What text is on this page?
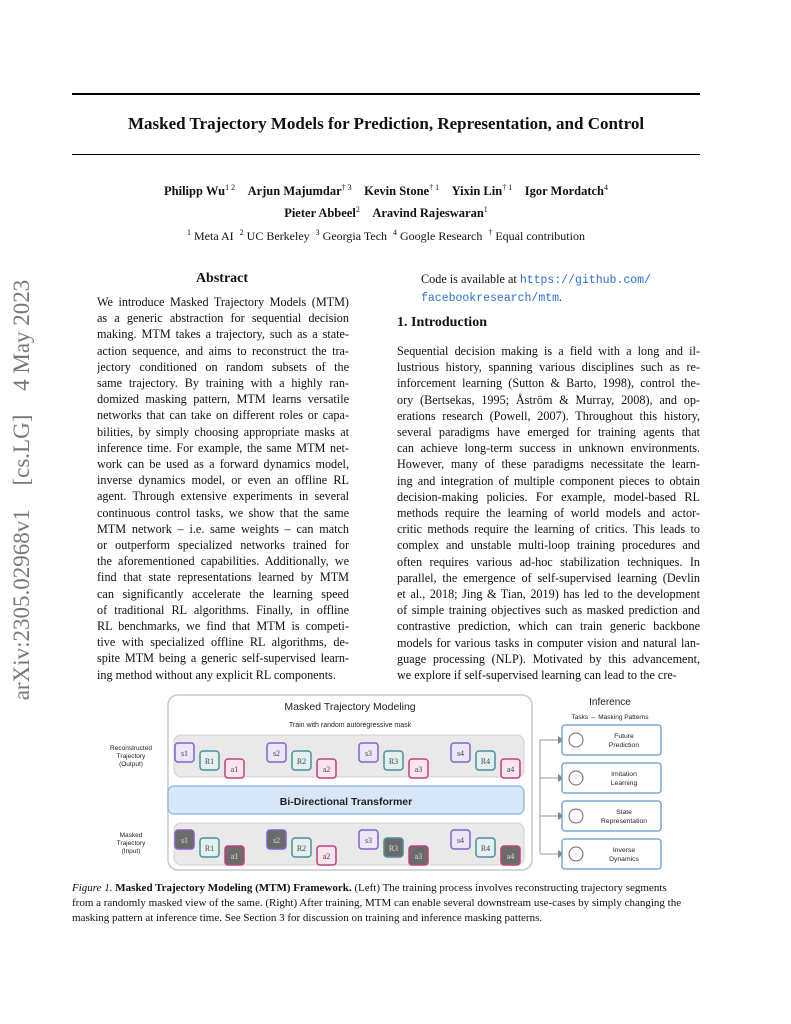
arXiv:2305.02968v1 [cs.LG] 4 May 2023
Masked Trajectory Models for Prediction, Representation, and Control
Philipp $Wu^{1 2}$  Arjun Majumdar$^{\dagger 3}$  Kevin Stone$^{\dagger 1}$  Yixin Lin$^{\dagger 1}$  Igor Mordatch$^4$
Pieter Abbeel$^2$  Aravind Rajeswaran$^1$
$^1$ Meta AI  $^2$ UC Berkeley  $^3$ Georgia Tech  $^4$ Google Research  † Equal contribution
Abstract
We introduce Masked Trajectory Models (MTM)
as a generic abstraction for sequential decision
making. MTM takes a trajectory, such as a state-
action sequence, and aims to reconstruct the tra-
jectory conditioned on random subsets of the
same trajectory. By training with a highly ran-
domized masking pattern, MTM learns versatile
networks that can take on different roles or capa-
bilities, by simply choosing appropriate masks at
inference time. For example, the same MTM net-
work can be used as a forward dynamics model,
inverse dynamics model, or even an offline RL
agent. Through extensive experiments in several
continuous control tasks, we show that the same
MTM network – i.e. same weights – can match
or outperform specialized networks trained for
the aforementioned capabilities. Additionally, we
find that state representations learned by MTM
can significantly accelerate the learning speed
of traditional RL algorithms. Finally, in offline
RL benchmarks, we find that MTM is competi-
tive with specialized offline RL algorithms, de-
spite MTM being a generic self-supervised learn-
ing method without any explicit RL components.
Code is available at https://github.com/
facebookresearch/mtm.
1. Introduction
Sequential decision making is a field with a long and il-
lustrious history, spanning various disciplines such as re-
inforcement learning (Sutton & Barto, 1998), control the-
ory (Bertsekas, 1995; Åström & Murray, 2008), and op-
erations research (Powell, 2007). Throughout this history,
several paradigms have emerged for training agents that
can achieve long-term success in unknown environments.
However, many of these paradigms necessitate the learn-
ing and integration of multiple component pieces to obtain
decision-making policies. For example, model-based RL
methods require the learning of world models and actor-
critic methods require the learning of critics. This leads to
complex and unstable multi-loop training procedures and
often requires various ad-hoc stabilization techniques. In
parallel, the emergence of self-supervised learning (Devlin
et al., 2018; Jing & Tian, 2019) has led to the development
of simple training objectives such as masked prediction and
contrastive prediction, which can train generic backbone
models for various tasks in computer vision and natural lan-
guage processing (NLP). Motivated by this advancement,
we explore if self-supervised learning can lead to the cre-
Masked Trajectory Modeling
Train with random autoregressive mask
Bi-Directional Transformer
Reconstructed
Trajectory
(Output)
Masked
Trajectory
(Input)
s1
s1
R1
R1
a1
a1
s2
s2
R2
R2
a2
a2
s3
s3
R3
R3
a3
a3
s4
s4
R4
R4
a4
a4
Inference
Tasks ⇔ Masking Patterns
Future
Prediction
Imitation
Learning
State
Representation
Inverse
Dynamics
Figure 1. Masked Trajectory Modeling (MTM) Framework. (Left) The training process involves reconstructing trajectory segments
from a randomly masked view of the same. (Right) After training, MTM can enable several downstream use-cases by simply changing the
masking pattern at inference time. See Section 3 for discussion on training and inference masking patterns.
